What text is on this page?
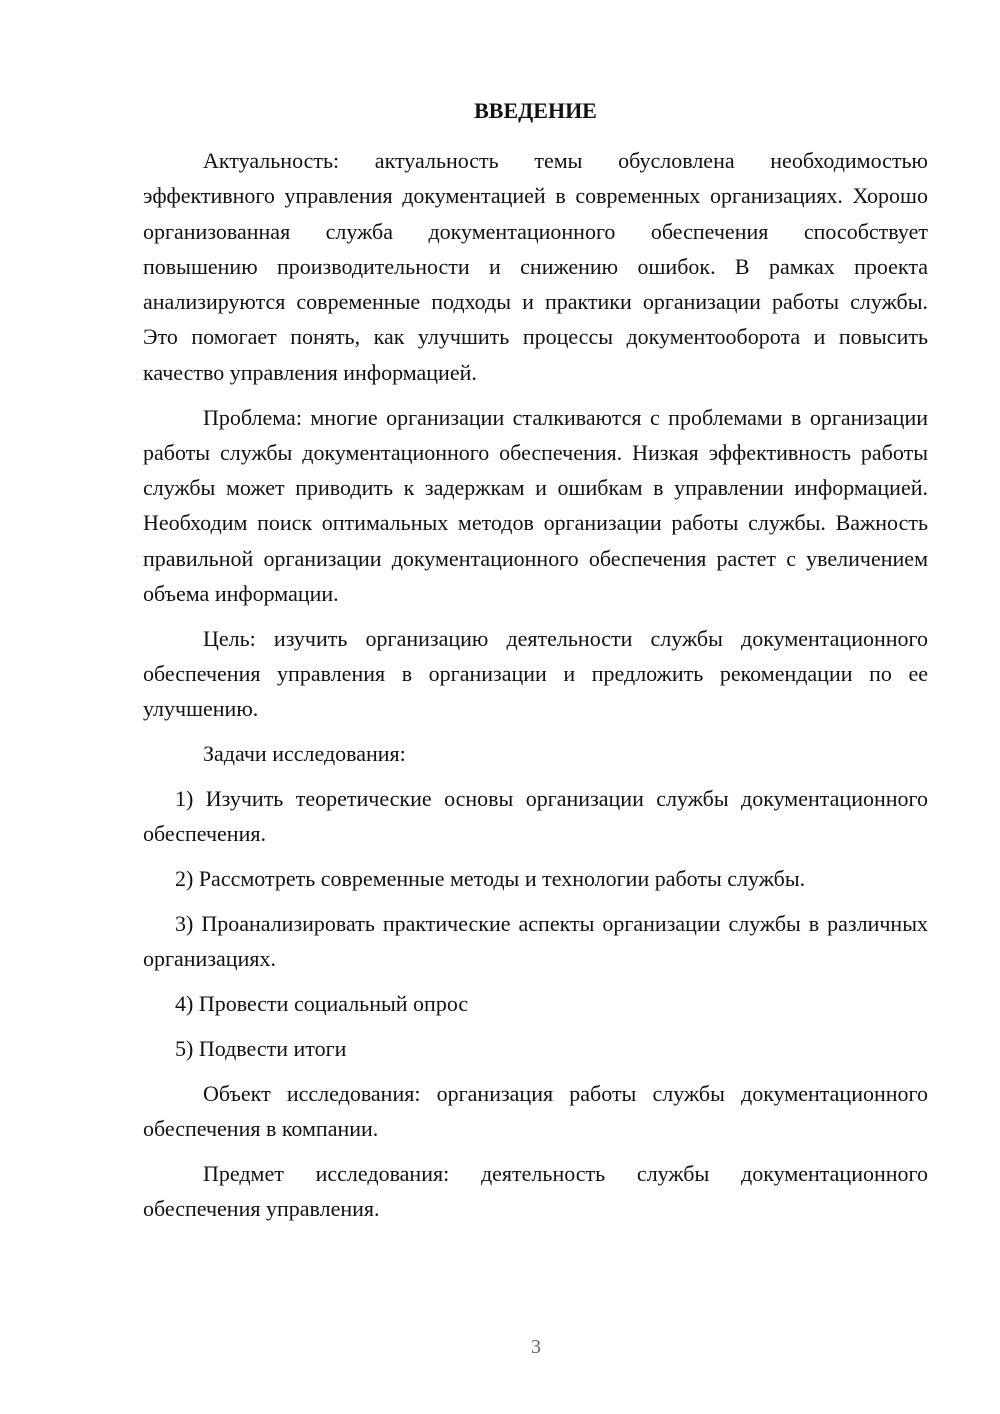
ВВЕДЕНИЕ

Актуальность: актуальность темы обусловлена необходимостью эффективного управления документацией в современных организациях. Хорошо организованная служба документационного обеспечения способствует повышению производительности и снижению ошибок. В рамках проекта анализируются современные подходы и практики организации работы службы. Это помогает понять, как улучшить процессы документооборота и повысить качество управления информацией.

Проблема: многие организации сталкиваются с проблемами в организации работы службы документационного обеспечения. Низкая эффективность работы службы может приводить к задержкам и ошибкам в управлении информацией. Необходим поиск оптимальных методов организации работы службы. Важность правильной организации документационного обеспечения растет с увеличением объема информации.

Цель: изучить организацию деятельности службы документационного обеспечения управления в организации и предложить рекомендации по ее улучшению.

Задачи исследования:

1) Изучить теоретические основы организации службы документационного обеспечения.

2) Рассмотреть современные методы и технологии работы службы.

3) Проанализировать практические аспекты организации службы в различных организациях.

4) Провести социальный опрос

5) Подвести итоги

Объект исследования: организация работы службы документационного обеспечения в компании.

Предмет исследования: деятельность службы документационного обеспечения управления.

3
